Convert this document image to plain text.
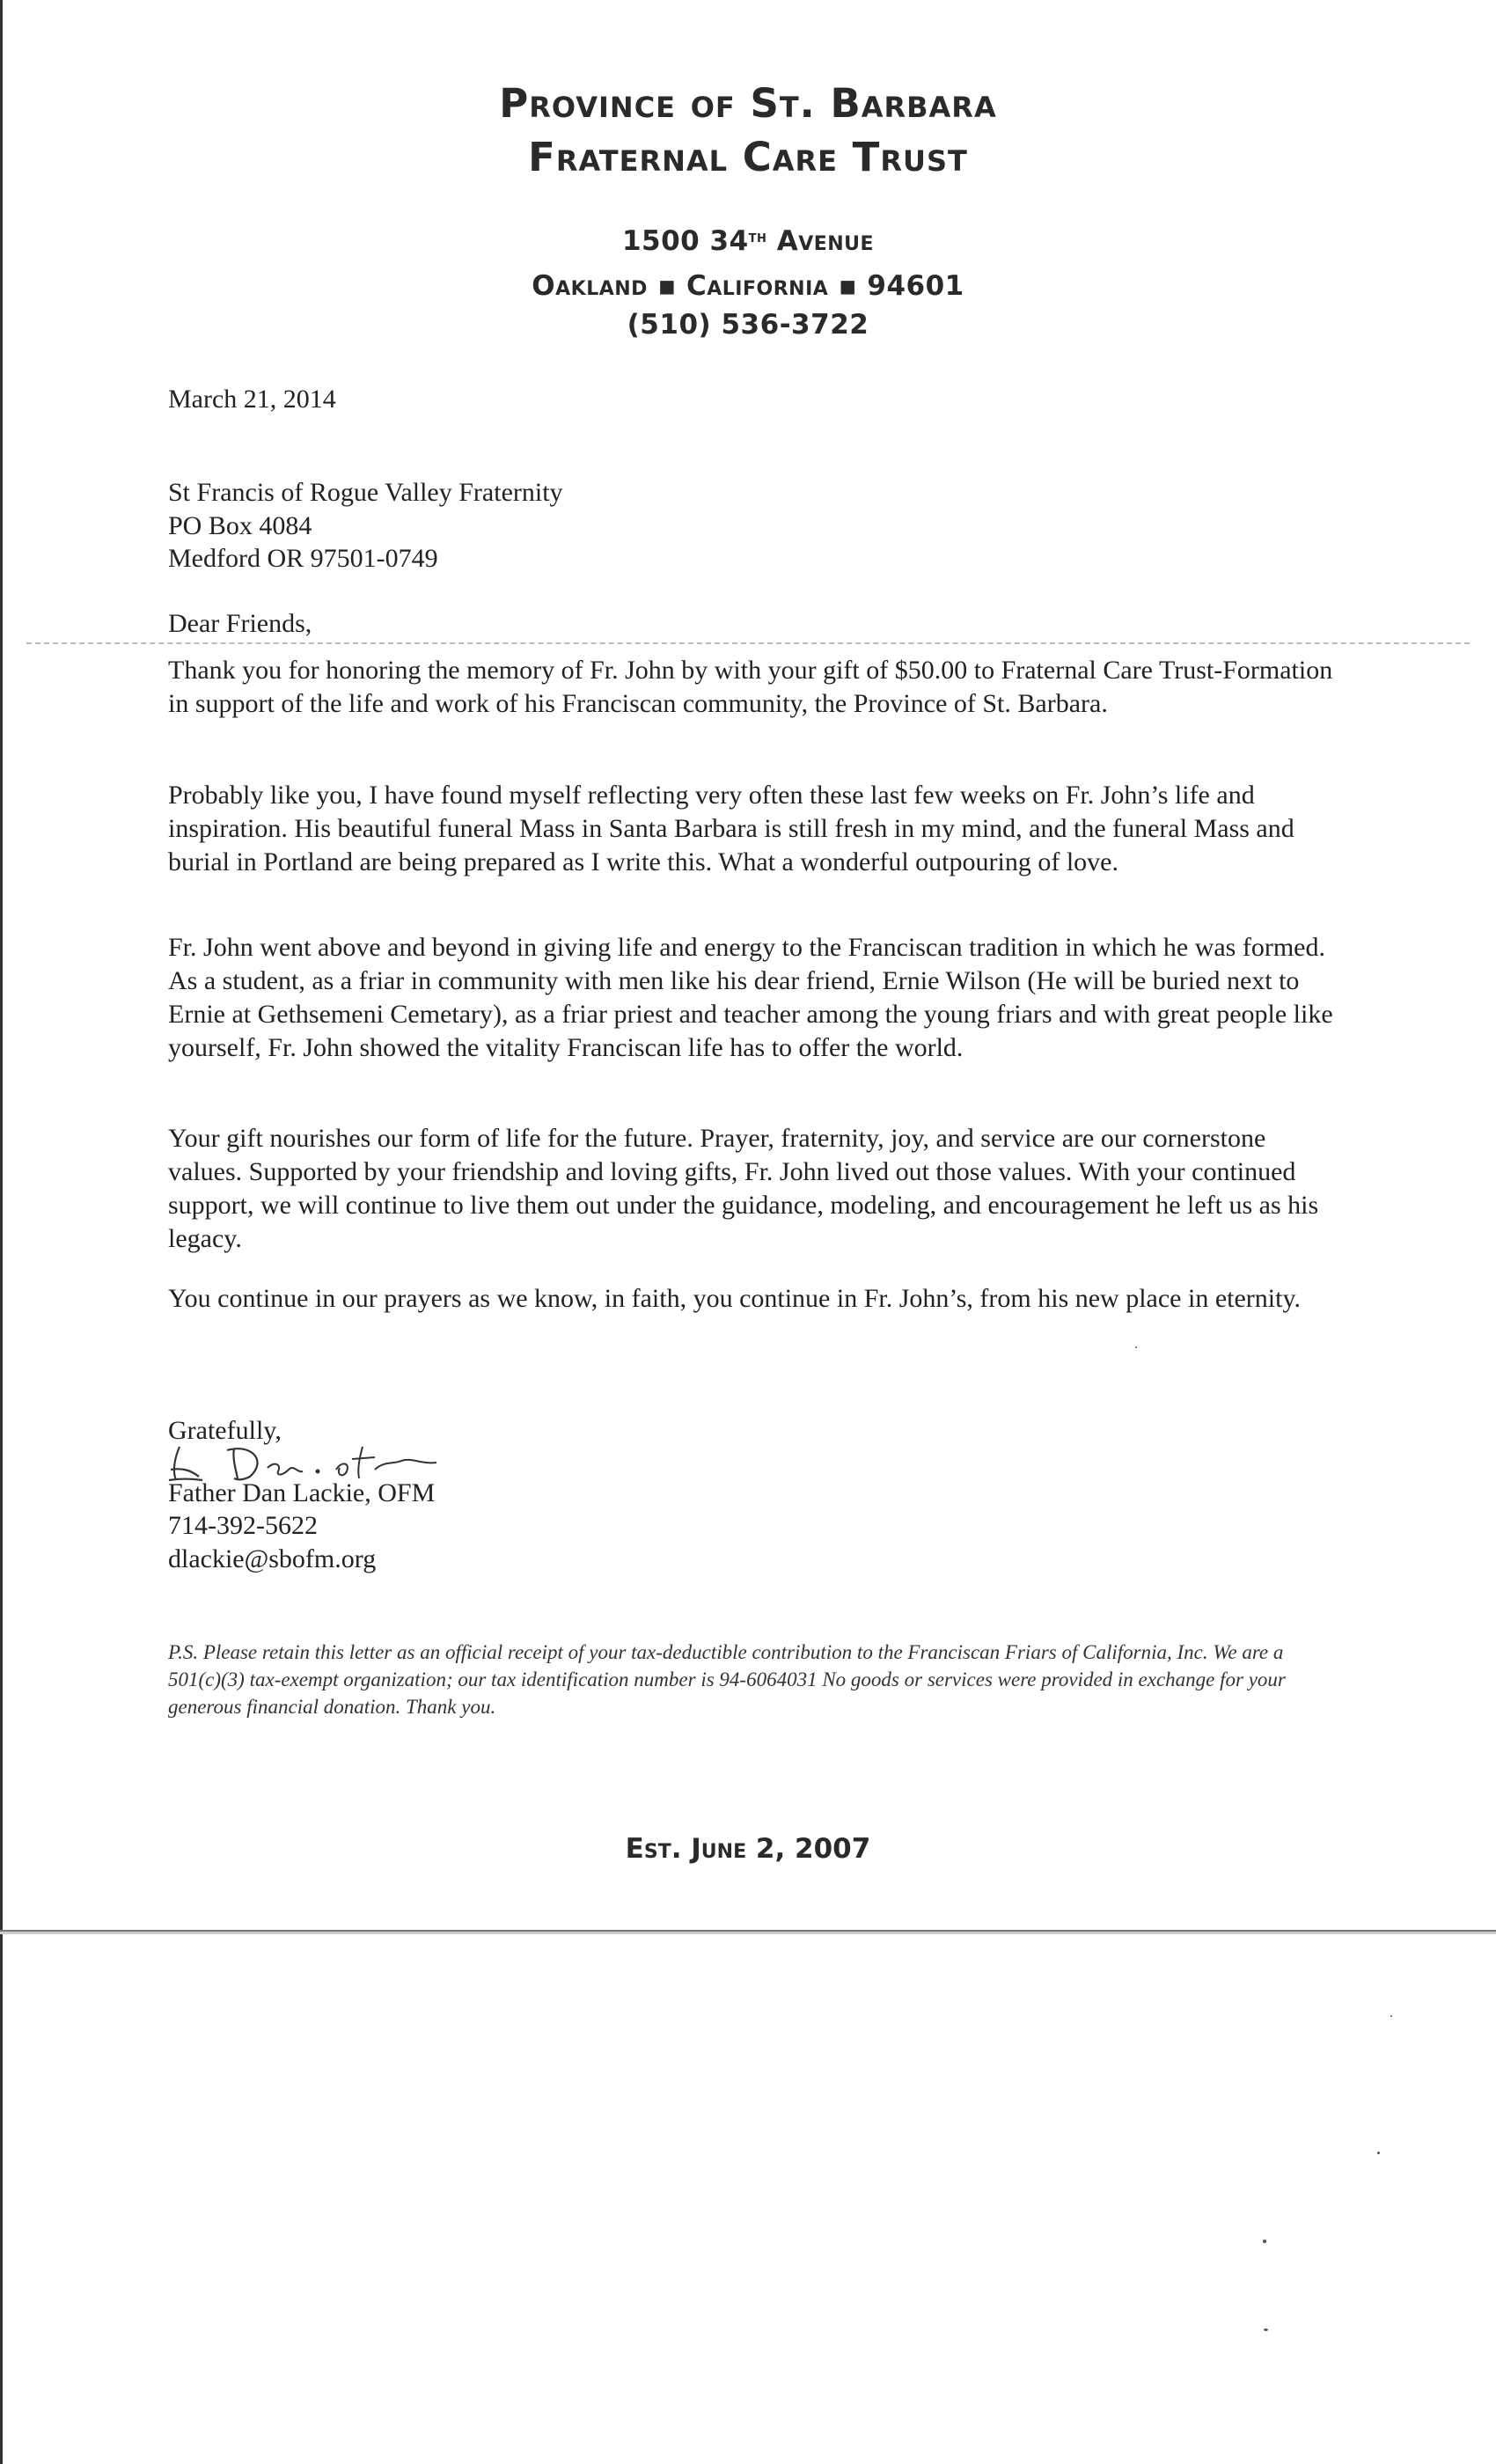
Province of St. Barbara
Fraternal Care Trust
1500 34th Avenue
Oakland ▪ California ▪ 94601
(510) 536-3722
March 21, 2014
St Francis of Rogue Valley Fraternity
PO Box 4084
Medford OR 97501-0749
Dear Friends,
Thank you for honoring the memory of Fr. John by with your gift of $50.00 to Fraternal Care Trust-Formation in support of the life and work of his Franciscan community, the Province of St. Barbara.
Probably like you, I have found myself reflecting very often these last few weeks on Fr. John’s life and inspiration. His beautiful funeral Mass in Santa Barbara is still fresh in my mind, and the funeral Mass and burial in Portland are being prepared as I write this. What a wonderful outpouring of love.
Fr. John went above and beyond in giving life and energy to the Franciscan tradition in which he was formed. As a student, as a friar in community with men like his dear friend, Ernie Wilson (He will be buried next to Ernie at Gethsemeni Cemetary), as a friar priest and teacher among the young friars and with great people like yourself, Fr. John showed the vitality Franciscan life has to offer the world.
Your gift nourishes our form of life for the future. Prayer, fraternity, joy, and service are our cornerstone values. Supported by your friendship and loving gifts, Fr. John lived out those values. With your continued support, we will continue to live them out under the guidance, modeling, and encouragement he left us as his legacy.
You continue in our prayers as we know, in faith, you continue in Fr. John’s, from his new place in eternity.
Gratefully,
Father Dan Lackie, OFM
714-392-5622
dlackie@sbofm.org
P.S. Please retain this letter as an official receipt of your tax-deductible contribution to the Franciscan Friars of California, Inc. We are a 501(c)(3) tax-exempt organization; our tax identification number is 94-6064031 No goods or services were provided in exchange for your generous financial donation. Thank you.
Est. June 2, 2007
